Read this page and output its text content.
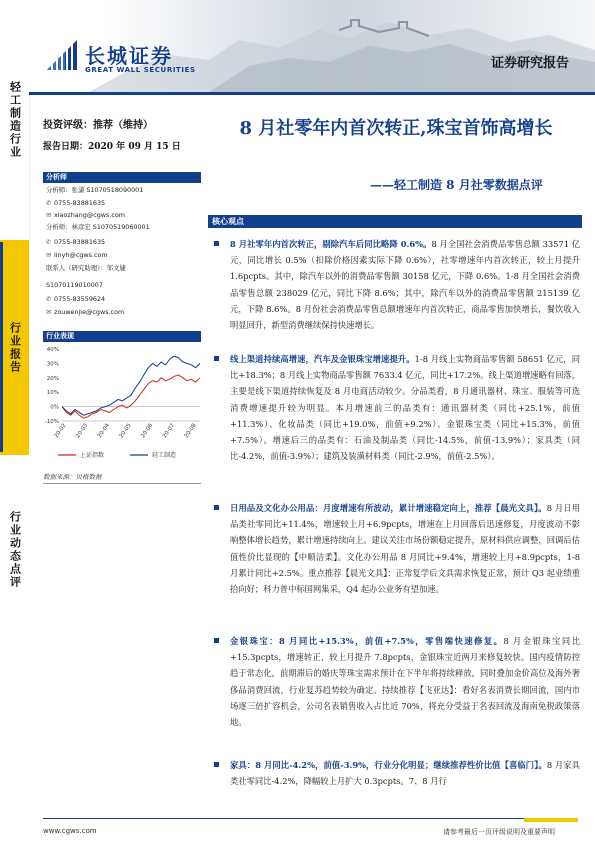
轻工制造行业
行业报告
行业动态点评
长城证券
GREAT WALL SECURITIES	证券研究报告
投资评级：推荐（维持）
报告日期：2020 年 09 月 15 日
8 月社零年内首次转正,珠宝首饰高增长
——轻工制造 8 月社零数据点评
分析师
分析师：张潇 S1070518090001
✆ 0755-83881635
✉ xiaozhang@cgws.com
分析师：林彦宏 S1070519060001
✆ 0755-83881635
✉ linyh@cgws.com
联系人（研究助理）：邹文婕
S1070119010007
✆ 0755-83559624
✉ zouwenjie@cgws.com
行业表现
40%
30%
20%
10%
0%
-10%
20-02 20-03 20-04 20-05 20-06 20-07 20-08
上证指数	轻工制造
数据来源：贝格数据
核心观点
8 月社零年内首次转正，剔除汽车后同比略降 0.6%。8 月全国社会消费品零售总额 33571 亿元，同比增长 0.5%（扣除价格因素实际下降 0.6%），社零增速年内首次转正，较上月提升 1.6pcpts。其中，除汽车以外的消费品零售额 30158 亿元，下降 0.6%。1-8 月全国社会消费品零售总额 238029 亿元，同比下降 8.6%；其中，除汽车以外的消费品零售额 215139 亿元，下降 8.6%。8 月份社会消费品零售总额增速年内首次转正，商品零售加快增长，餐饮收入明显回升，新型消费继续保持快速增长。
线上渠道持续高增速，汽车及金银珠宝增速提升。1-8 月线上实物商品零售额 58651 亿元，同比+18.3%；8 月线上实物商品零售额 7633.4 亿元，同比+17.2%。线上渠道增速略有回落，主要是线下渠道持续恢复及 8 月电商活动较少。分品类看，8 月通讯器材、珠宝、服装等可选消费增速提升较为明显。本月增速前三的品类有：通讯器材类（同比+25.1%，前值+11.3%）、化妆品类（同比+19.0%，前值+9.2%）、金银珠宝类（同比+15.3%，前值+7.5%）。增速后三的品类有：石油及制品类（同比-14.5%，前值-13.9%）；家具类（同比-4.2%，前值-3.9%）；建筑及装潢材料类（同比-2.9%，前值-2.5%）。
日用品及文化办公用品：月度增速有所波动，累计增速稳定向上，推荐【晨光文具】。8 月日用品类社零同比+11.4%，增速较上月+6.9pcpts，增速在上月回落后迅速修复，月度波动不影响整体增长趋势，累计增速持续向上。建议关注市场份额稳定提升，原材料供应调整，回调后估值性价比显现的【中顺洁柔】。文化办公用品 8 月同比+9.4%，增速较上月+8.9pcpts，1-8 月累计同比+2.5%。重点推荐【晨光文具】：正常复学后文具需求恢复正常，预计 Q3 起业绩重拾向好；科力普中标国网集采，Q4 起办公业务有望加速。
金银珠宝：8 月同比+15.3%，前值+7.5%，零售端快速修复。8 月金银珠宝同比+15.3pcpts，增速转正，较上月提升 7.8pcpts，金银珠宝近两月来修复较快。国内疫情防控趋于常态化，前期滞后的婚庆等珠宝需求预计在下半年将持续释放，同时叠加金价高位及海外奢侈品消费回流，行业复苏趋势较为确定。持续推荐【飞亚达】：看好名表消费长期回流，国内市场逐三倍扩容机会，公司名表销售收入占比近 70%，将充分受益于名表回流及海南免税政策落地。
家具：8 月同比-4.2%，前值-3.9%，行业分化明显；继续推荐性价比值【喜临门】。8 月家具类社零同比-4.2%，降幅较上月扩大 0.3pcpts。7、8 月行
www.cgws.com	请参考最后一页评级说明及重要声明
